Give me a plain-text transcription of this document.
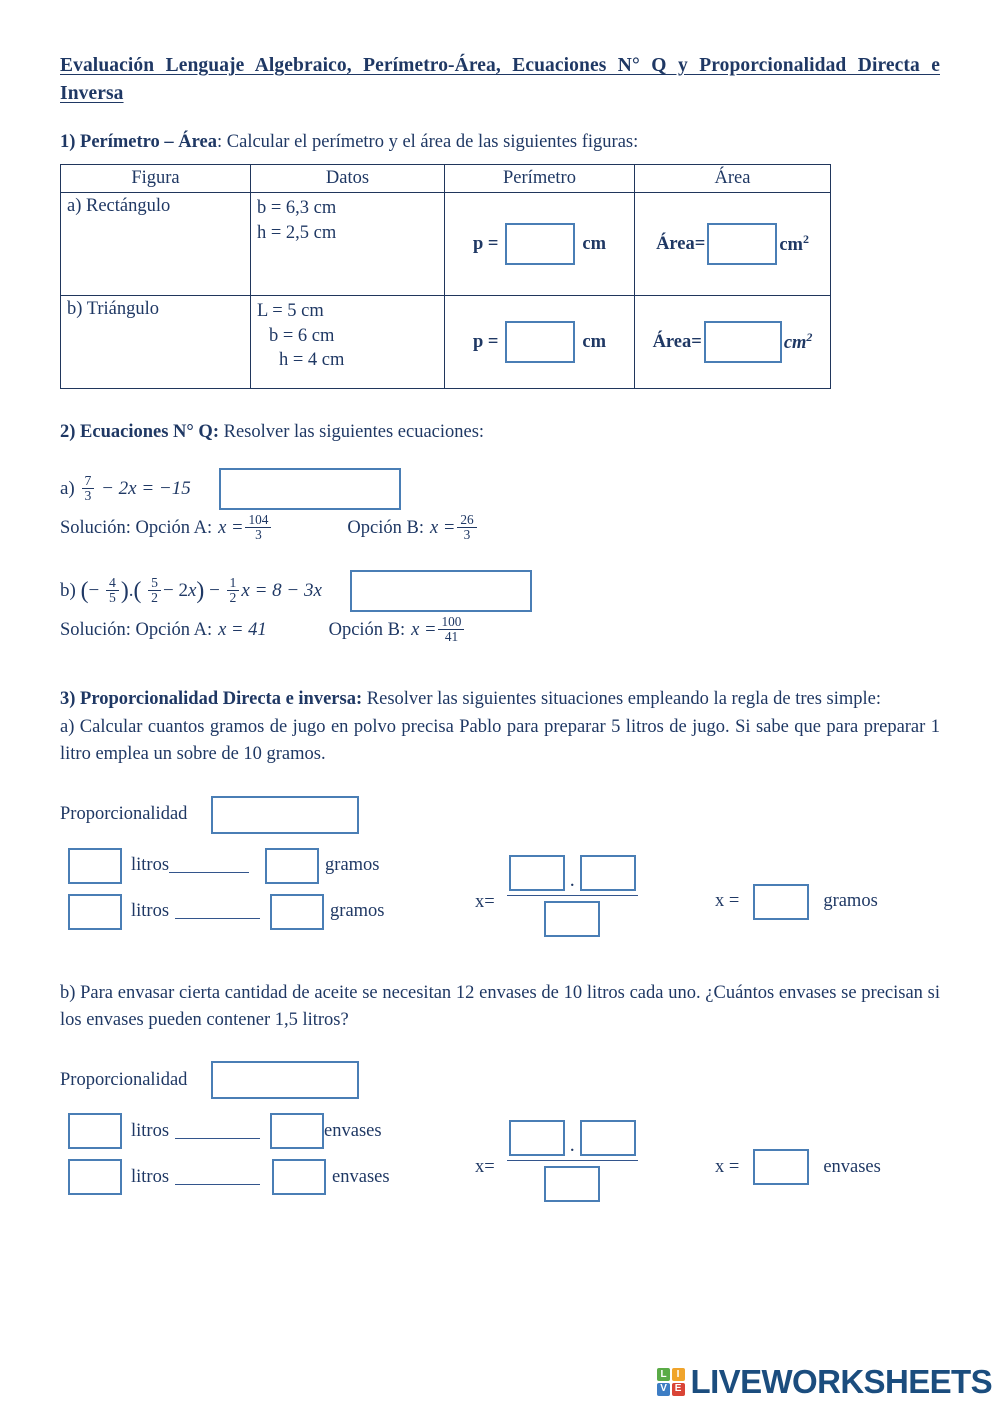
Evaluación Lenguaje Algebraico, Perímetro-Área, Ecuaciones N° Q y Proporcionalidad Directa e Inversa

1) Perímetro – Área: Calcular el perímetro y el área de las siguientes figuras:

Figura	Datos	Perímetro	Área
a) Rectángulo	b = 6,3 cm
h = 2,5 cm

p =	cm	Área=	$cm^2$

b) Triángulo	L = 5 cm
b = 6 cm
h = 4 cm

p =	cm	Área=	$cm^2$

2) Ecuaciones N° Q: Resolver las siguientes ecuaciones:

$a) \frac{7}{3} - 2x = -15$
Solución: Opción A: $x = \frac{104}{3}$	Opción B: $x = \frac{26}{3}$
b) (− $\frac{4}{5}$ ).( $\frac{5}{2} - 2x) - \frac{1}{2}$ x = 8 − 3x
Solución: Opción A: x = 41	Opción B: $x = \frac{100}{41}$

3) Proporcionalidad Directa e inversa: Resolver las siguientes situaciones empleando la regla de tres simple:

a) Calcular cuantos gramos de jugo en polvo precisa Pablo para preparar 5 litros de jugo. Si sabe que para preparar 1 litro emplea un sobre de 10 gramos.

Proporcionalidad
litros	gramos
litros	gramos	x=
.
x =	gramos

b) Para envasar cierta cantidad de aceite se necesitan 12 envases de 10 litros cada uno. ¿Cuántos envases se precisan si los envases pueden contener 1,5 litros?

Proporcionalidad
litros	envases
litros	envases	x=
.
x =	envases
L	I
V E LIVEWORKSHEETS
